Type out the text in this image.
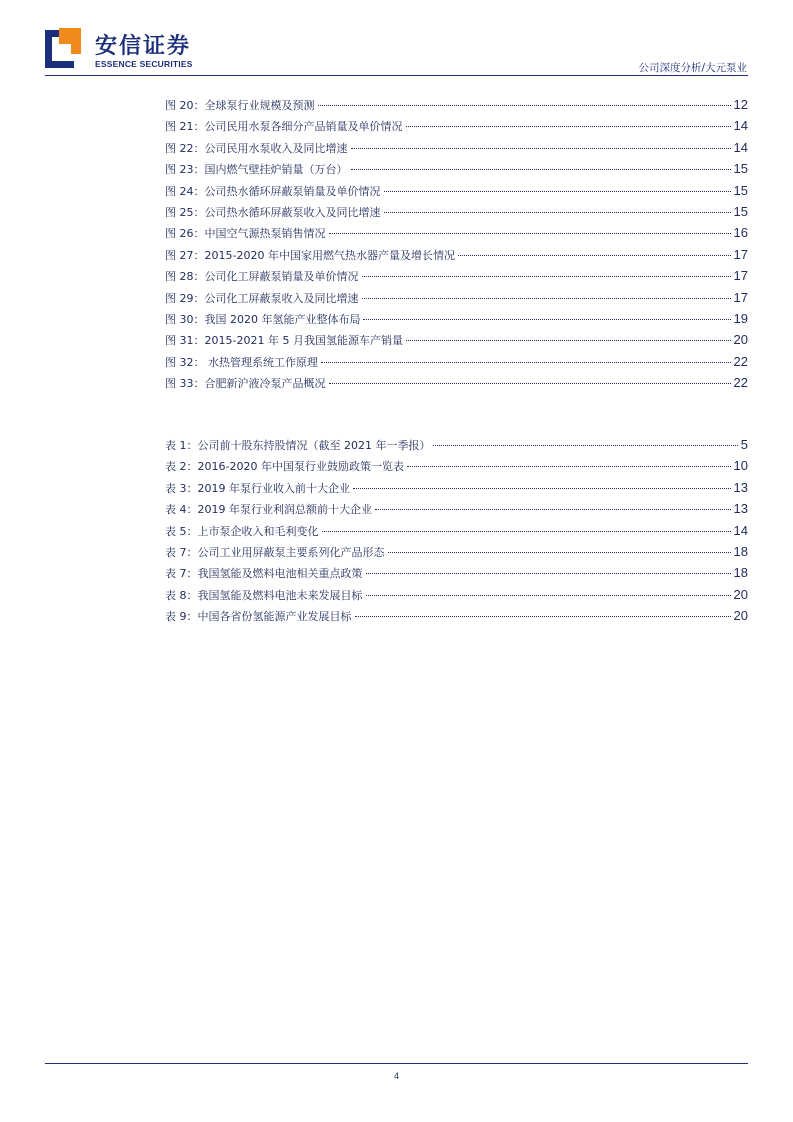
安信证券
ESSENCE SECURITIES	公司深度分析/大元泵业
图 20：全球泵行业规模及预测	12
图 21：公司民用水泵各细分产品销量及单价情况	14
图 22：公司民用水泵收入及同比增速	14
图 23：国内燃气壁挂炉销量（万台）	15
图 24：公司热水循环屏蔽泵销量及单价情况	15
图 25：公司热水循环屏蔽泵收入及同比增速	15
图 26：中国空气源热泵销售情况	16
图 27：2015-2020 年中国家用燃气热水器产量及增长情况	17
图 28：公司化工屏蔽泵销量及单价情况	17
图 29：公司化工屏蔽泵收入及同比增速	17
图 30：我国 2020 年氢能产业整体布局	19
图 31：2015-2021 年 5 月我国氢能源车产销量	20
图 32： 水热管理系统工作原理	22
图 33：合肥新沪液冷泵产品概况	22
表 1：公司前十股东持股情况（截至 2021 年一季报）	5
表 2：2016-2020 年中国泵行业鼓励政策一览表	10
表 3：2019 年泵行业收入前十大企业	13
表 4：2019 年泵行业利润总额前十大企业	13
表 5：上市泵企收入和毛利变化	14
表 7：公司工业用屏蔽泵主要系列化产品形态	18
表 7：我国氢能及燃料电池相关重点政策	18
表 8：我国氢能及燃料电池未来发展目标	20
表 9：中国各省份氢能源产业发展目标	20
4
